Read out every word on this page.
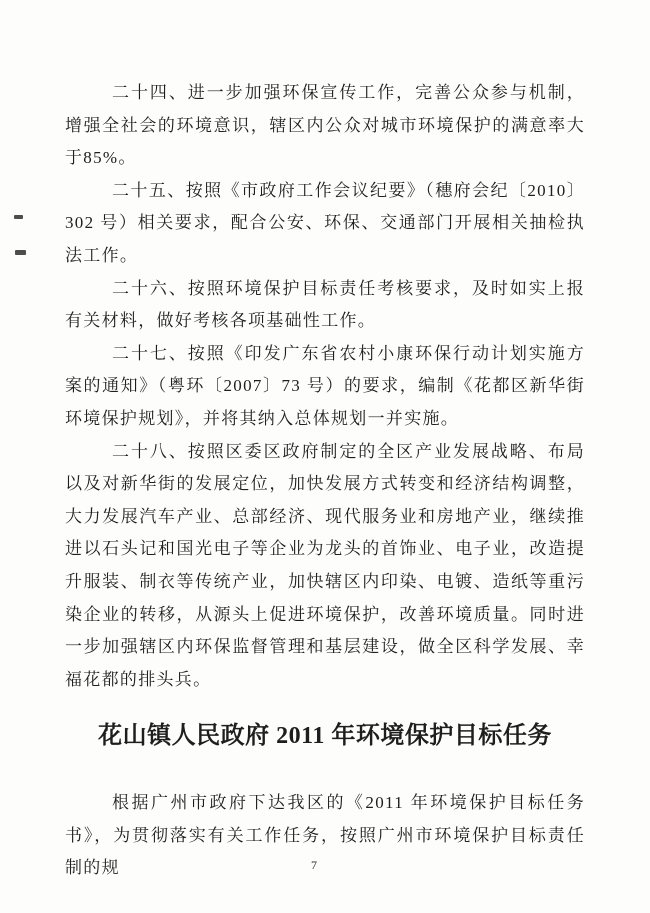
二十四、进一步加强环保宣传工作，完善公众参与机制，增强全社会的环境意识，辖区内公众对城市环境保护的满意率大于85%。

二十五、按照《市政府工作会议纪要》（穗府会纪〔2010〕302 号）相关要求，配合公安、环保、交通部门开展相关抽检执法工作。

二十六、按照环境保护目标责任考核要求，及时如实上报有关材料，做好考核各项基础性工作。

二十七、按照《印发广东省农村小康环保行动计划实施方案的通知》（粤环〔2007〕73 号）的要求，编制《花都区新华街环境保护规划》，并将其纳入总体规划一并实施。

二十八、按照区委区政府制定的全区产业发展战略、布局以及对新华街的发展定位，加快发展方式转变和经济结构调整，大力发展汽车产业、总部经济、现代服务业和房地产业，继续推进以石头记和国光电子等企业为龙头的首饰业、电子业，改造提升服装、制衣等传统产业，加快辖区内印染、电镀、造纸等重污染企业的转移，从源头上促进环境保护，改善环境质量。同时进一步加强辖区内环保监督管理和基层建设，做全区科学发展、幸福花都的排头兵。

花山镇人民政府 2011 年环境保护目标任务

根据广州市政府下达我区的《2011 年环境保护目标任务书》，为贯彻落实有关工作任务，按照广州市环境保护目标责任制的规	7
